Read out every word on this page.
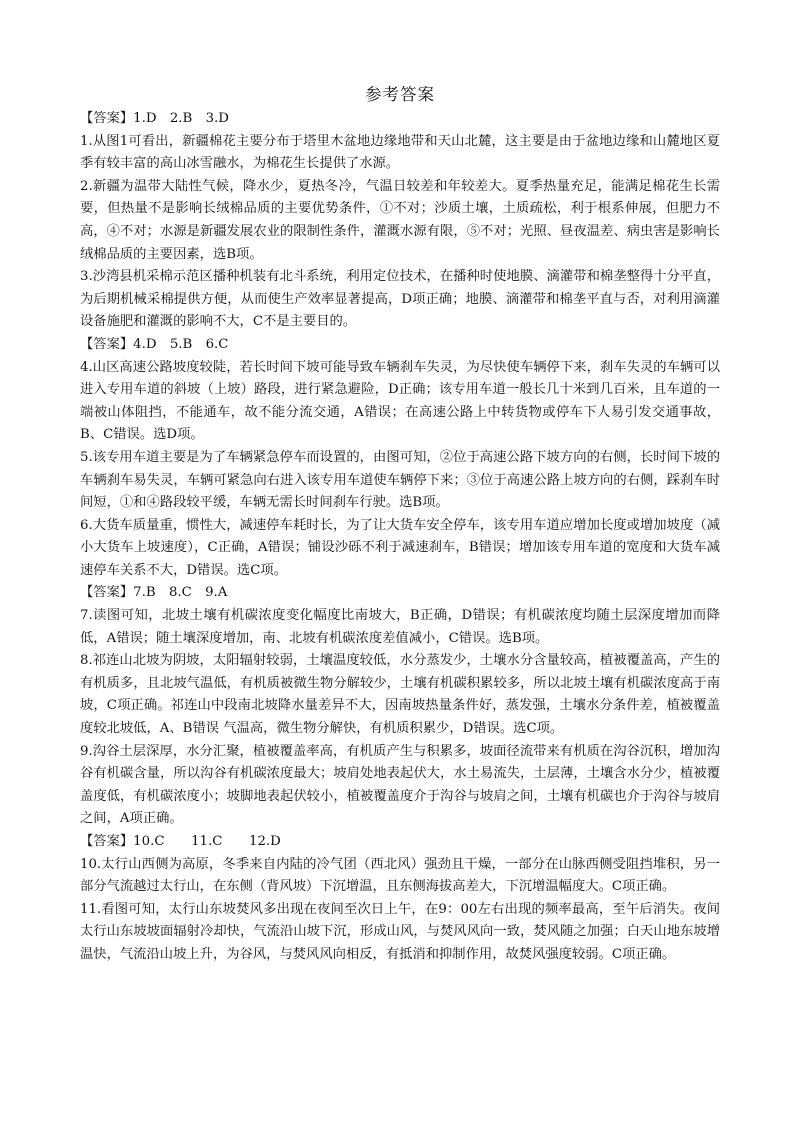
参考答案

【答案】1.D　2.B　3.D

1.从图1可看出，新疆棉花主要分布于塔里木盆地边缘地带和天山北麓，这主要是由于盆地边缘和山麓地区夏季有较丰富的高山冰雪融水，为棉花生长提供了水源。

2.新疆为温带大陆性气候，降水少，夏热冬冷，气温日较差和年较差大。夏季热量充足，能满足棉花生长需要，但热量不是影响长绒棉品质的主要优势条件，①不对；沙质土壤，土质疏松，利于根系伸展，但肥力不高，④不对；水源是新疆发展农业的限制性条件，灌溉水源有限，⑤不对；光照、昼夜温差、病虫害是影响长绒棉品质的主要因素，选B项。

3.沙湾县机采棉示范区播种机装有北斗系统，利用定位技术，在播种时使地膜、滴灌带和棉垄整得十分平直，为后期机械采棉提供方便，从而使生产效率显著提高，D项正确；地膜、滴灌带和棉垄平直与否，对利用滴灌设备施肥和灌溉的影响不大，C不是主要目的。

【答案】4.D　5.B　6.C

4.山区高速公路坡度较陡，若长时间下坡可能导致车辆刹车失灵，为尽快使车辆停下来，刹车失灵的车辆可以进入专用车道的斜坡（上坡）路段，进行紧急避险，D正确；该专用车道一般长几十米到几百米，且车道的一端被山体阻挡，不能通车，故不能分流交通，A错误；在高速公路上中转货物或停车下人易引发交通事故，B、C错误。选D项。

5.该专用车道主要是为了车辆紧急停车而设置的，由图可知，②位于高速公路下坡方向的右侧，长时间下坡的车辆刹车易失灵，车辆可紧急向右进入该专用车道使车辆停下来；③位于高速公路上坡方向的右侧，踩刹车时间短，①和④路段较平缓，车辆无需长时间刹车行驶。选B项。

6.大货车质量重，惯性大，减速停车耗时长，为了让大货车安全停车，该专用车道应增加长度或增加坡度（减小大货车上坡速度），C正确，A错误；铺设沙砾不利于减速刹车，B错误；增加该专用车道的宽度和大货车减速停车关系不大，D错误。选C项。

【答案】7.B　8.C　9.A

7.读图可知，北坡土壤有机碳浓度变化幅度比南坡大，B正确，D错误；有机碳浓度均随土层深度增加而降低，A错误；随土壤深度增加，南、北坡有机碳浓度差值减小，C错误。选B项。

8.祁连山北坡为阴坡，太阳辐射较弱，土壤温度较低，水分蒸发少，土壤水分含量较高，植被覆盖高，产生的有机质多，且北坡气温低，有机质被微生物分解较少，土壤有机碳积累较多，所以北坡土壤有机碳浓度高于南坡，C项正确。祁连山中段南北坡降水量差异不大，因南坡热量条件好，蒸发强，土壤水分条件差，植被覆盖度较北坡低，A、B错误 气温高，微生物分解快，有机质积累少，D错误。选C项。

9.沟谷土层深厚，水分汇聚，植被覆盖率高，有机质产生与积累多，坡面径流带来有机质在沟谷沉积，增加沟谷有机碳含量，所以沟谷有机碳浓度最大；坡肩处地表起伏大，水土易流失，土层薄，土壤含水分少，植被覆盖度低，有机碳浓度小；坡脚地表起伏较小，植被覆盖度介于沟谷与坡肩之间，土壤有机碳也介于沟谷与坡肩之间，A项正确。

【答案】10.C　　11.C　　12.D

10.太行山西侧为高原，冬季来自内陆的冷气团（西北风）强劲且干燥，一部分在山脉西侧受阻挡堆积，另一部分气流越过太行山，在东侧（背风坡）下沉增温，且东侧海拔高差大，下沉增温幅度大。C项正确。

11.看图可知，太行山东坡焚风多出现在夜间至次日上午，在9：00左右出现的频率最高，至午后消失。夜间太行山东坡坡面辐射冷却快，气流沿山坡下沉，形成山风，与焚风风向一致，焚风随之加强；白天山地东坡增温快，气流沿山坡上升，为谷风，与焚风风向相反，有抵消和抑制作用，故焚风强度较弱。C项正确。
